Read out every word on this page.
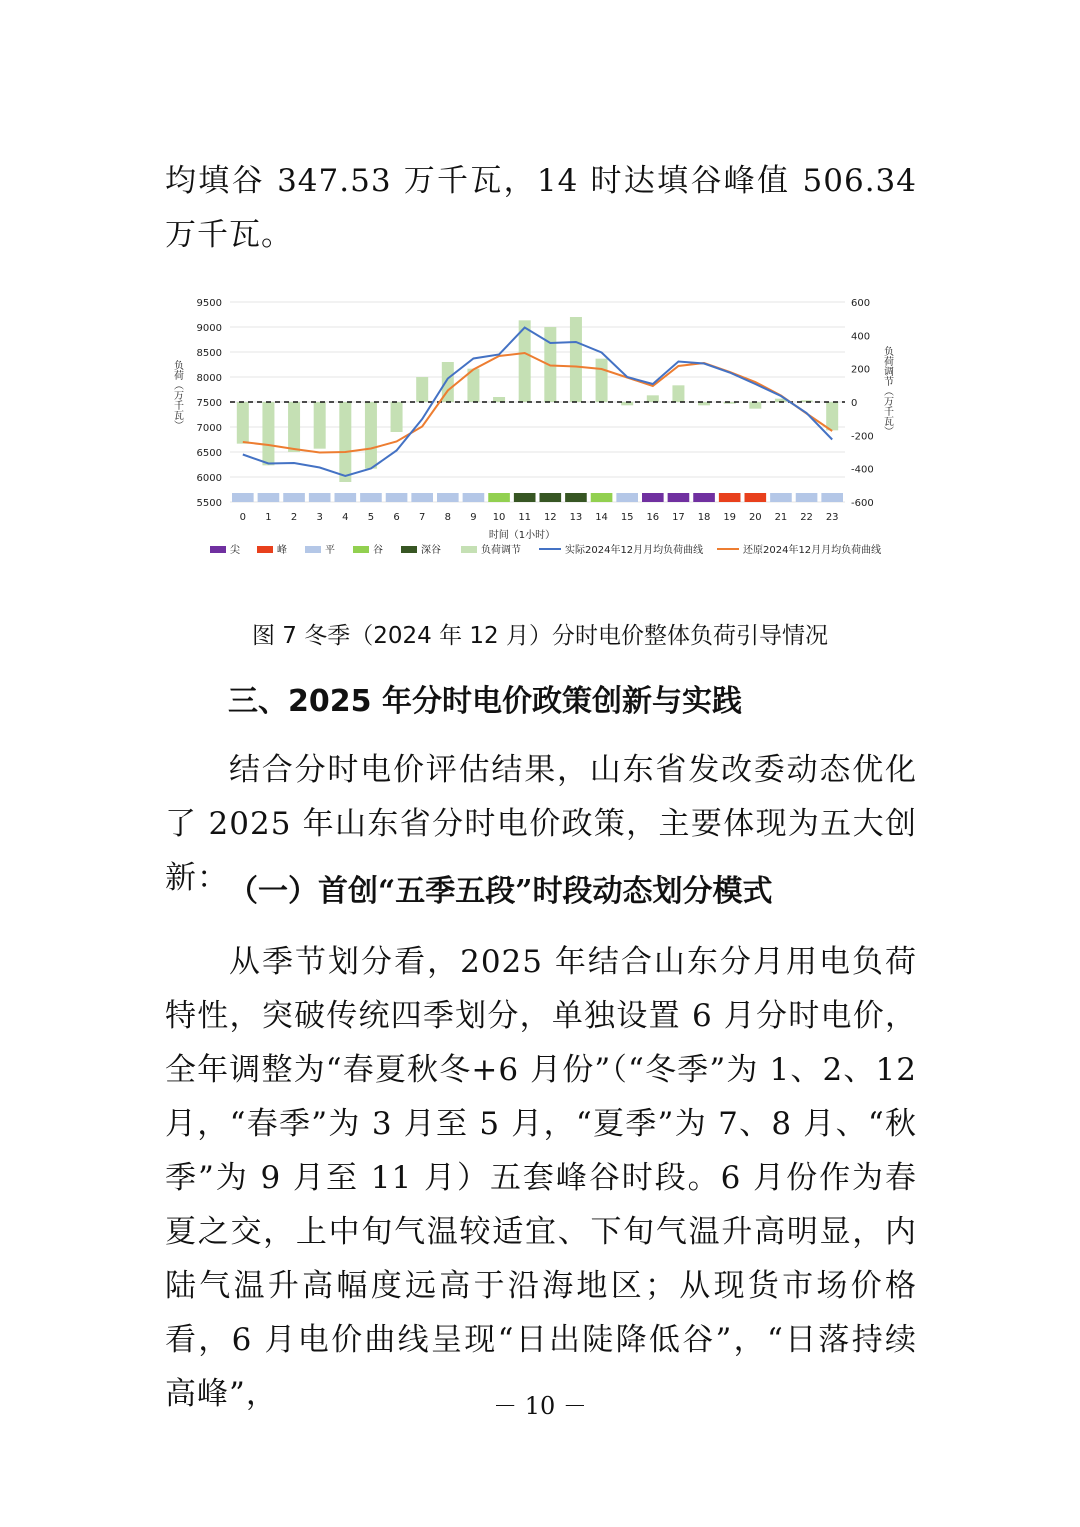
均填谷 347.53 万千瓦，14 时达填谷峰值 506.34 万千瓦。

5500
6000
6500
7000
7500
8000
8500
9000
9500
-600
-400
-200
0
200
400
600
0 1 2 3 4 5 6 7 8 9 10 11 12 13 14 15 16 17 18 19 20 21 22 23
负荷（万千瓦）	负荷调节（万千瓦）
时间（1小时）
尖	峰	平	谷	深谷	负荷调节	实际2024年12月月均负荷曲线	还原2024年12月月均负荷曲线
图 7 冬季（2024 年 12 月）分时电价整体负荷引导情况
三、2025 年分时电价政策创新与实践

结合分时电价评估结果，山东省发改委动态优化了 2025 年山东省分时电价政策，主要体现为五大创新： （一）首创“五季五段”时段动态划分模式

从季节划分看，2025 年结合山东分月用电负荷特性，突破传统四季划分，单独设置 6 月分时电价，全年调整为“春夏秋冬+6 月份”（“冬季”为 1、2、12 月，“春季”为 3 月至 5 月，“夏季”为 7、8 月、“秋季”为 9 月至 11 月）五套峰谷时段。6 月份作为春夏之交，上中旬气温较适宜、下旬气温升高明显，内陆气温升高幅度远高于沿海地区；从现货市场价格看，6 月电价曲线呈现“日出陡降低谷”，“日落持续高峰”，	－ 10 －
